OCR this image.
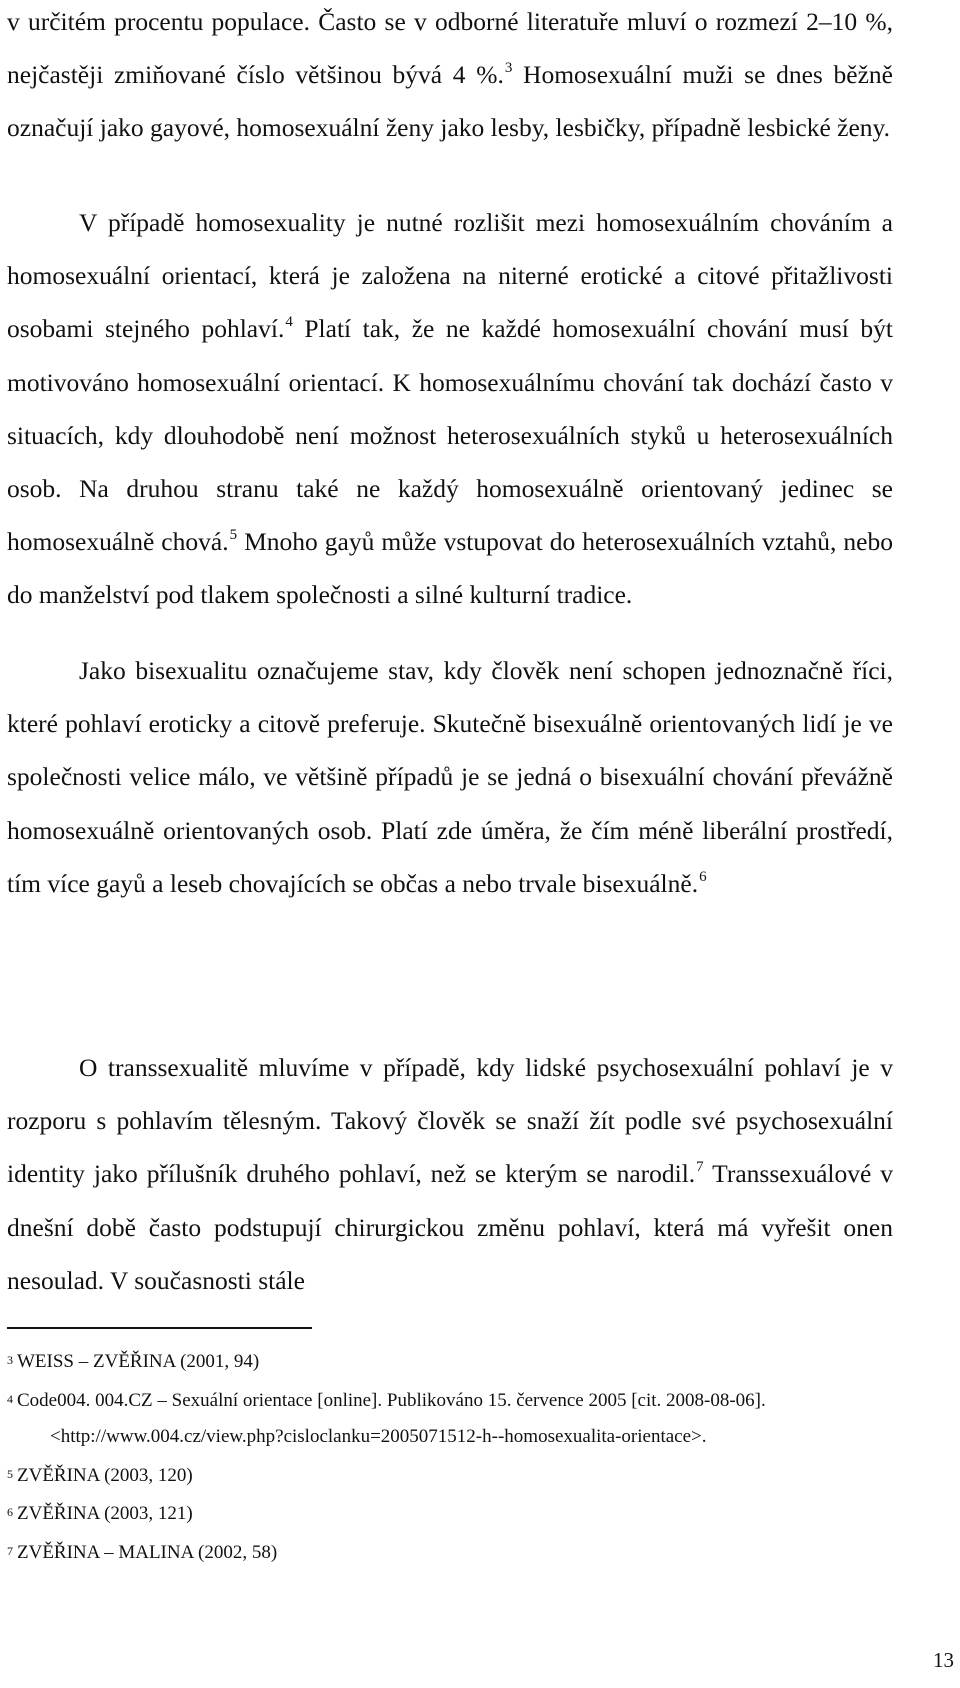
v určitém procentu populace. Často se v odborné literatuře mluví o rozmezí 2–10 %, nejčastěji zmiňované číslo většinou bývá 4 %.$^3$ Homosexuální muži se dnes běžně označují jako gayové, homosexuální ženy jako lesby, lesbičky, případně lesbické ženy.

V případě homosexuality je nutné rozlišit mezi homosexuálním chováním a homosexuální orientací, která je založena na niterné erotické a citové přitažlivosti osobami stejného pohlaví.$^4$ Platí tak, že ne každé homosexuální chování musí být motivováno homosexuální orientací. K homosexuálnímu chování tak dochází často v situacích, kdy dlouhodobě není možnost heterosexuálních styků u heterosexuálních osob. Na druhou stranu také ne každý homosexuálně orientovaný jedinec se homosexuálně chová.$^5$ Mnoho gayů může vstupovat do heterosexuálních vztahů, nebo do manželství pod tlakem společnosti a silné kulturní tradice.

Jako bisexualitu označujeme stav, kdy člověk není schopen jednoznačně říci, které pohlaví eroticky a citově preferuje. Skutečně bisexuálně orientovaných lidí je ve společnosti velice málo, ve většině případů je se jedná o bisexuální chování převážně homosexuálně orientovaných osob. Platí zde úměra, že čím méně liberální prostředí, tím více gayů a leseb chovajících se občas a nebo trvale bisexuálně.$^6$

O transsexualitě mluvíme v případě, kdy lidské psychosexuální pohlaví je v rozporu s pohlavím tělesným. Takový člověk se snaží žít podle své psychosexuální identity jako přílušník druhého pohlaví, než se kterým se narodil.$^7$ Transsexuálové v dnešní době často podstupují chirurgickou změnu pohlaví, která má vyřešit onen nesoulad. V současnosti stále

3 WEISS – ZVĚŘINA (2001, 94)

4 Code004. 004.CZ – Sexuální orientace [online]. Publikováno 15. července 2005 [cit. 2008-08-06]. <http://www.004.cz/view.php?cisloclanku=2005071512-h--homosexualita-orientace>.

5 ZVĚŘINA (2003, 120)

6 ZVĚŘINA (2003, 121)

7 ZVĚŘINA – MALINA (2002, 58)

13
